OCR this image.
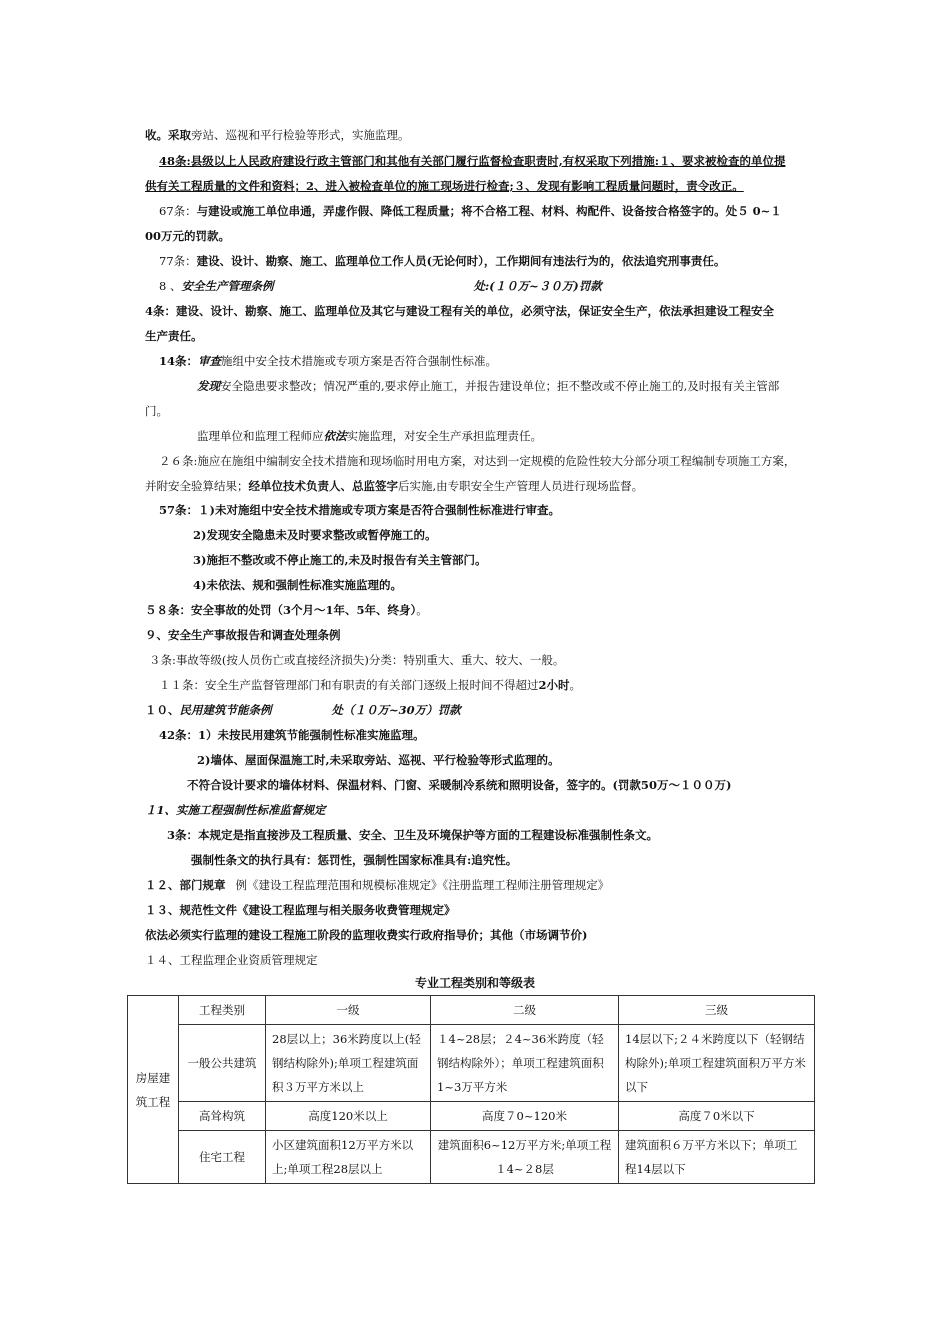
收。采取旁站、巡视和平行检验等形式，实施监理。
48条:县级以上人民政府建设行政主管部门和其他有关部门履行监督检查职责时,有权采取下列措施:１、要求被检查的单位提
供有关工程质量的文件和资料；2、进入被检查单位的施工现场进行检查;３、发现有影响工程质量问题时，责令改正。
67条：与建设或施工单位串通，弄虚作假、降低工程质量；将不合格工程、材料、构配件、设备按合格签字的。处５ 0~１
00万元的罚款。
77条：建设、设计、勘察、施工、监理单位工作人员(无论何时），工作期间有违法行为的，依法追究刑事责任。
8 、安全生产管理条例	处:(１０万~３０万)罚款
4条：建设、设计、勘察、施工、监理单位及其它与建设工程有关的单位，必须守法，保证安全生产，依法承担建设工程安全
生产责任。
14条：审查施组中安全技术措施或专项方案是否符合强制性标准。
发现安全隐患要求整改；情况严重的,要求停止施工，并报告建设单位；拒不整改或不停止施工的,及时报有关主管部
门。
监理单位和监理工程师应依法实施监理，对安全生产承担监理责任。
２６条:施应在施组中编制安全技术措施和现场临时用电方案，对达到一定规模的危险性较大分部分项工程编制专项施工方案，
并附安全验算结果；经单位技术负责人、总监签字后实施,由专职安全生产管理人员进行现场监督。
57条：１)未对施组中安全技术措施或专项方案是否符合强制性标准进行审查。
2)发现安全隐患未及时要求整改或暂停施工的。
3)施拒不整改或不停止施工的,未及时报告有关主管部门。
4)未依法、规和强制性标准实施监理的。
５８条：安全事故的处罚（3个月～1年、5年、终身）。
９、安全生产事故报告和调查处理条例
３条:事故等级(按人员伤亡或直接经济损失)分类：特别重大、重大、较大、一般。
１１条：安全生产监督管理部门和有职责的有关部门逐级上报时间不得超过2小时。
１０、民用建筑节能条例	处（１０万~30万）罚款
42条：1）未按民用建筑节能强制性标准实施监理。
2)墙体、屋面保温施工时,未采取旁站、巡视、平行检验等形式监理的。
不符合设计要求的墙体材料、保温材料、门窗、采暖制冷系统和照明设备，签字的。(罚款50万～１００万)
１1、实施工程强制性标准监督规定
3条：本规定是指直接涉及工程质量、安全、卫生及环境保护等方面的工程建设标准强制性条文。
强制性条文的执行具有：惩罚性，强制性国家标准具有:追究性。
１２、部门规章 例《建设工程监理范围和规模标准规定》《注册监理工程师注册管理规定》
１３、规范性文件《建设工程监理与相关服务收费管理规定》
依法必须实行监理的建设工程施工阶段的监理收费实行政府指导价；其他（市场调节价)
１４、工程监理企业资质管理规定
专业工程类别和等级表
房屋建筑工程	工程类别	一级	二级	三级
	一般公共建筑	28层以上；36米跨度以上(轻钢结构除外);单项工程建筑面积３万平方米以上	１4~28层；２4~36米跨度（轻钢结构除外）；单项工程建筑面积1~3万平方米	14层以下;２４米跨度以下（轻钢结构除外);单项工程建筑面积万平方米以下
	高耸构筑	高度120米以上	高度７0~120米	高度７0米以下
	住宅工程	小区建筑面积12万平方米以上;单项工程28层以上	建筑面积6~12万平方米;单项工程１4~２8层	建筑面积６万平方米以下；单项工程14层以下
